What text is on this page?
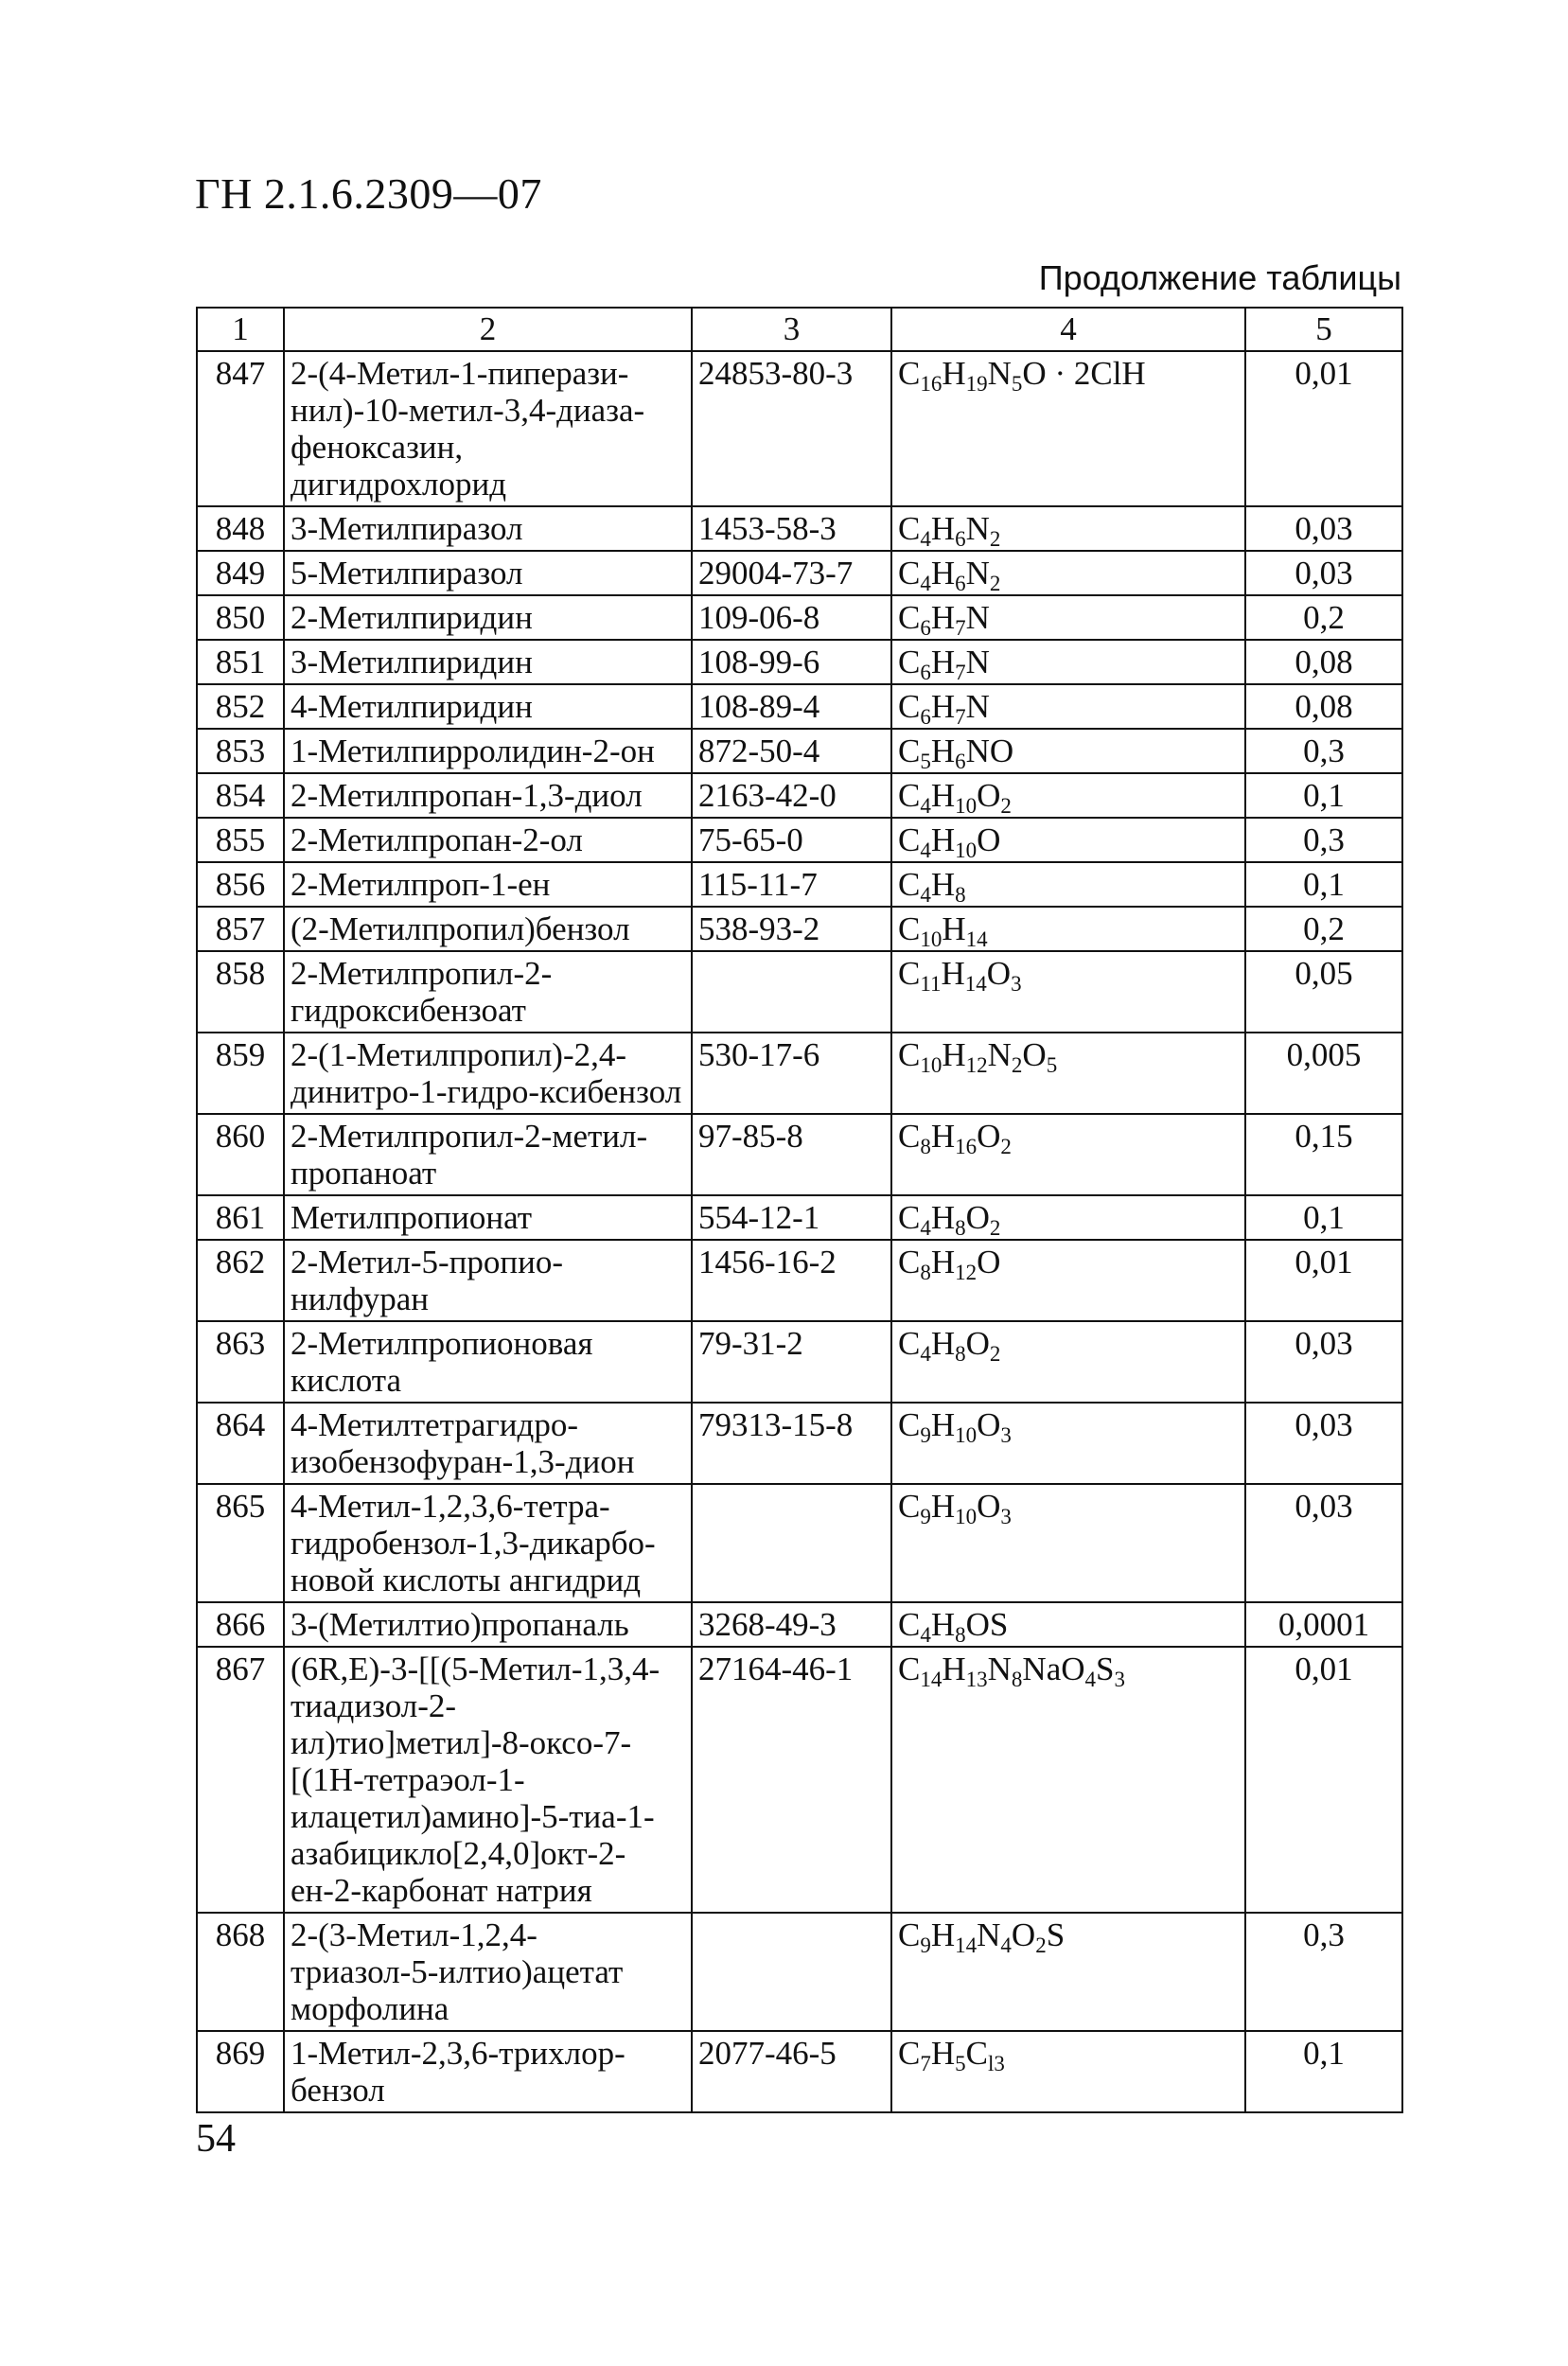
ГН 2.1.6.2309—07
Продолжение таблицы
1	2	3	4	5
847	2-(4-Метил-1-пиперази-нил)-10-метил-3,4-диаза-феноксазин, дигидрохлорид	24853-80-3	$C_{16}H_{19}N_5O \cdot 2ClH$	0,01
848	3-Метилпиразол	1453-58-3	$C_4H_6N_2$	0,03
849	5-Метилпиразол	29004-73-7	$C_4H_6N_2$	0,03
850	2-Метилпиридин	109-06-8	$C_6H_7N$	0,2
851	3-Метилпиридин	108-99-6	$C_6H_7N$	0,08
852	4-Метилпиридин	108-89-4	$C_6H_7N$	0,08
853	1-Метилпирролидин-2-он	872-50-4	$C_5H_6NO$	0,3
854	2-Метилпропан-1,3-диол	2163-42-0	$C_4H_{10}O_2$	0,1
855	2-Метилпропан-2-ол	75-65-0	$C_4H_{10}O$	0,3
856	2-Метилпроп-1-ен	115-11-7	$C_4H_8$	0,1
857	(2-Метилпропил)бензол	538-93-2	$C_{10}H_{14}$	0,2
858	2-Метилпропил-2-гидроксибензоат		$C_{11}H_{14}O_3$	0,05
859	2-(1-Метилпропил)-2,4-динитро-1-гидро-ксибензол	530-17-6	$C_{10}H_{12}N_2O_5$	0,005
860	2-Метилпропил-2-метил-пропаноат	97-85-8	$C_8H_{16}O_2$	0,15
861	Метилпропионат	554-12-1	$C_4H_8O_2$	0,1
862	2-Метил-5-пропио-нилфуран	1456-16-2	$C_8H_{12}O$	0,01
863	2-Метилпропионовая кислота	79-31-2	$C_4H_8O_2$	0,03
864	4-Метилтетрагидро-изобензофуран-1,3-дион	79313-15-8	$C_9H_{10}O_3$	0,03
865	4-Метил-1,2,3,6-тетра-гидробензол-1,3-дикарбо-новой кислоты ангидрид		$C_9H_{10}O_3$	0,03
866	3-(Метилтио)пропаналь	3268-49-3	$C_4H_8OS$	0,0001
867	(6R,E)-3-[[(5-Метил-1,3,4-тиадизол-2-ил)тио]метил]-8-оксо-7-[(1Н-тетраэол-1-илацетил)амино]-5-тиа-1-азабицикло[2,4,0]окт-2-ен-2-карбонат натрия	27164-46-1	$C_{14}H_{13}N_8NaO_4S_3$	0,01
868	2-(3-Метил-1,2,4-триазол-5-илтио)ацетат морфолина		$C_9H_{14}N_4O_2S$	0,3
869	1-Метил-2,3,6-трихлор-бензол	2077-46-5	$C_7H_5C_{l3}$	0,1
54
